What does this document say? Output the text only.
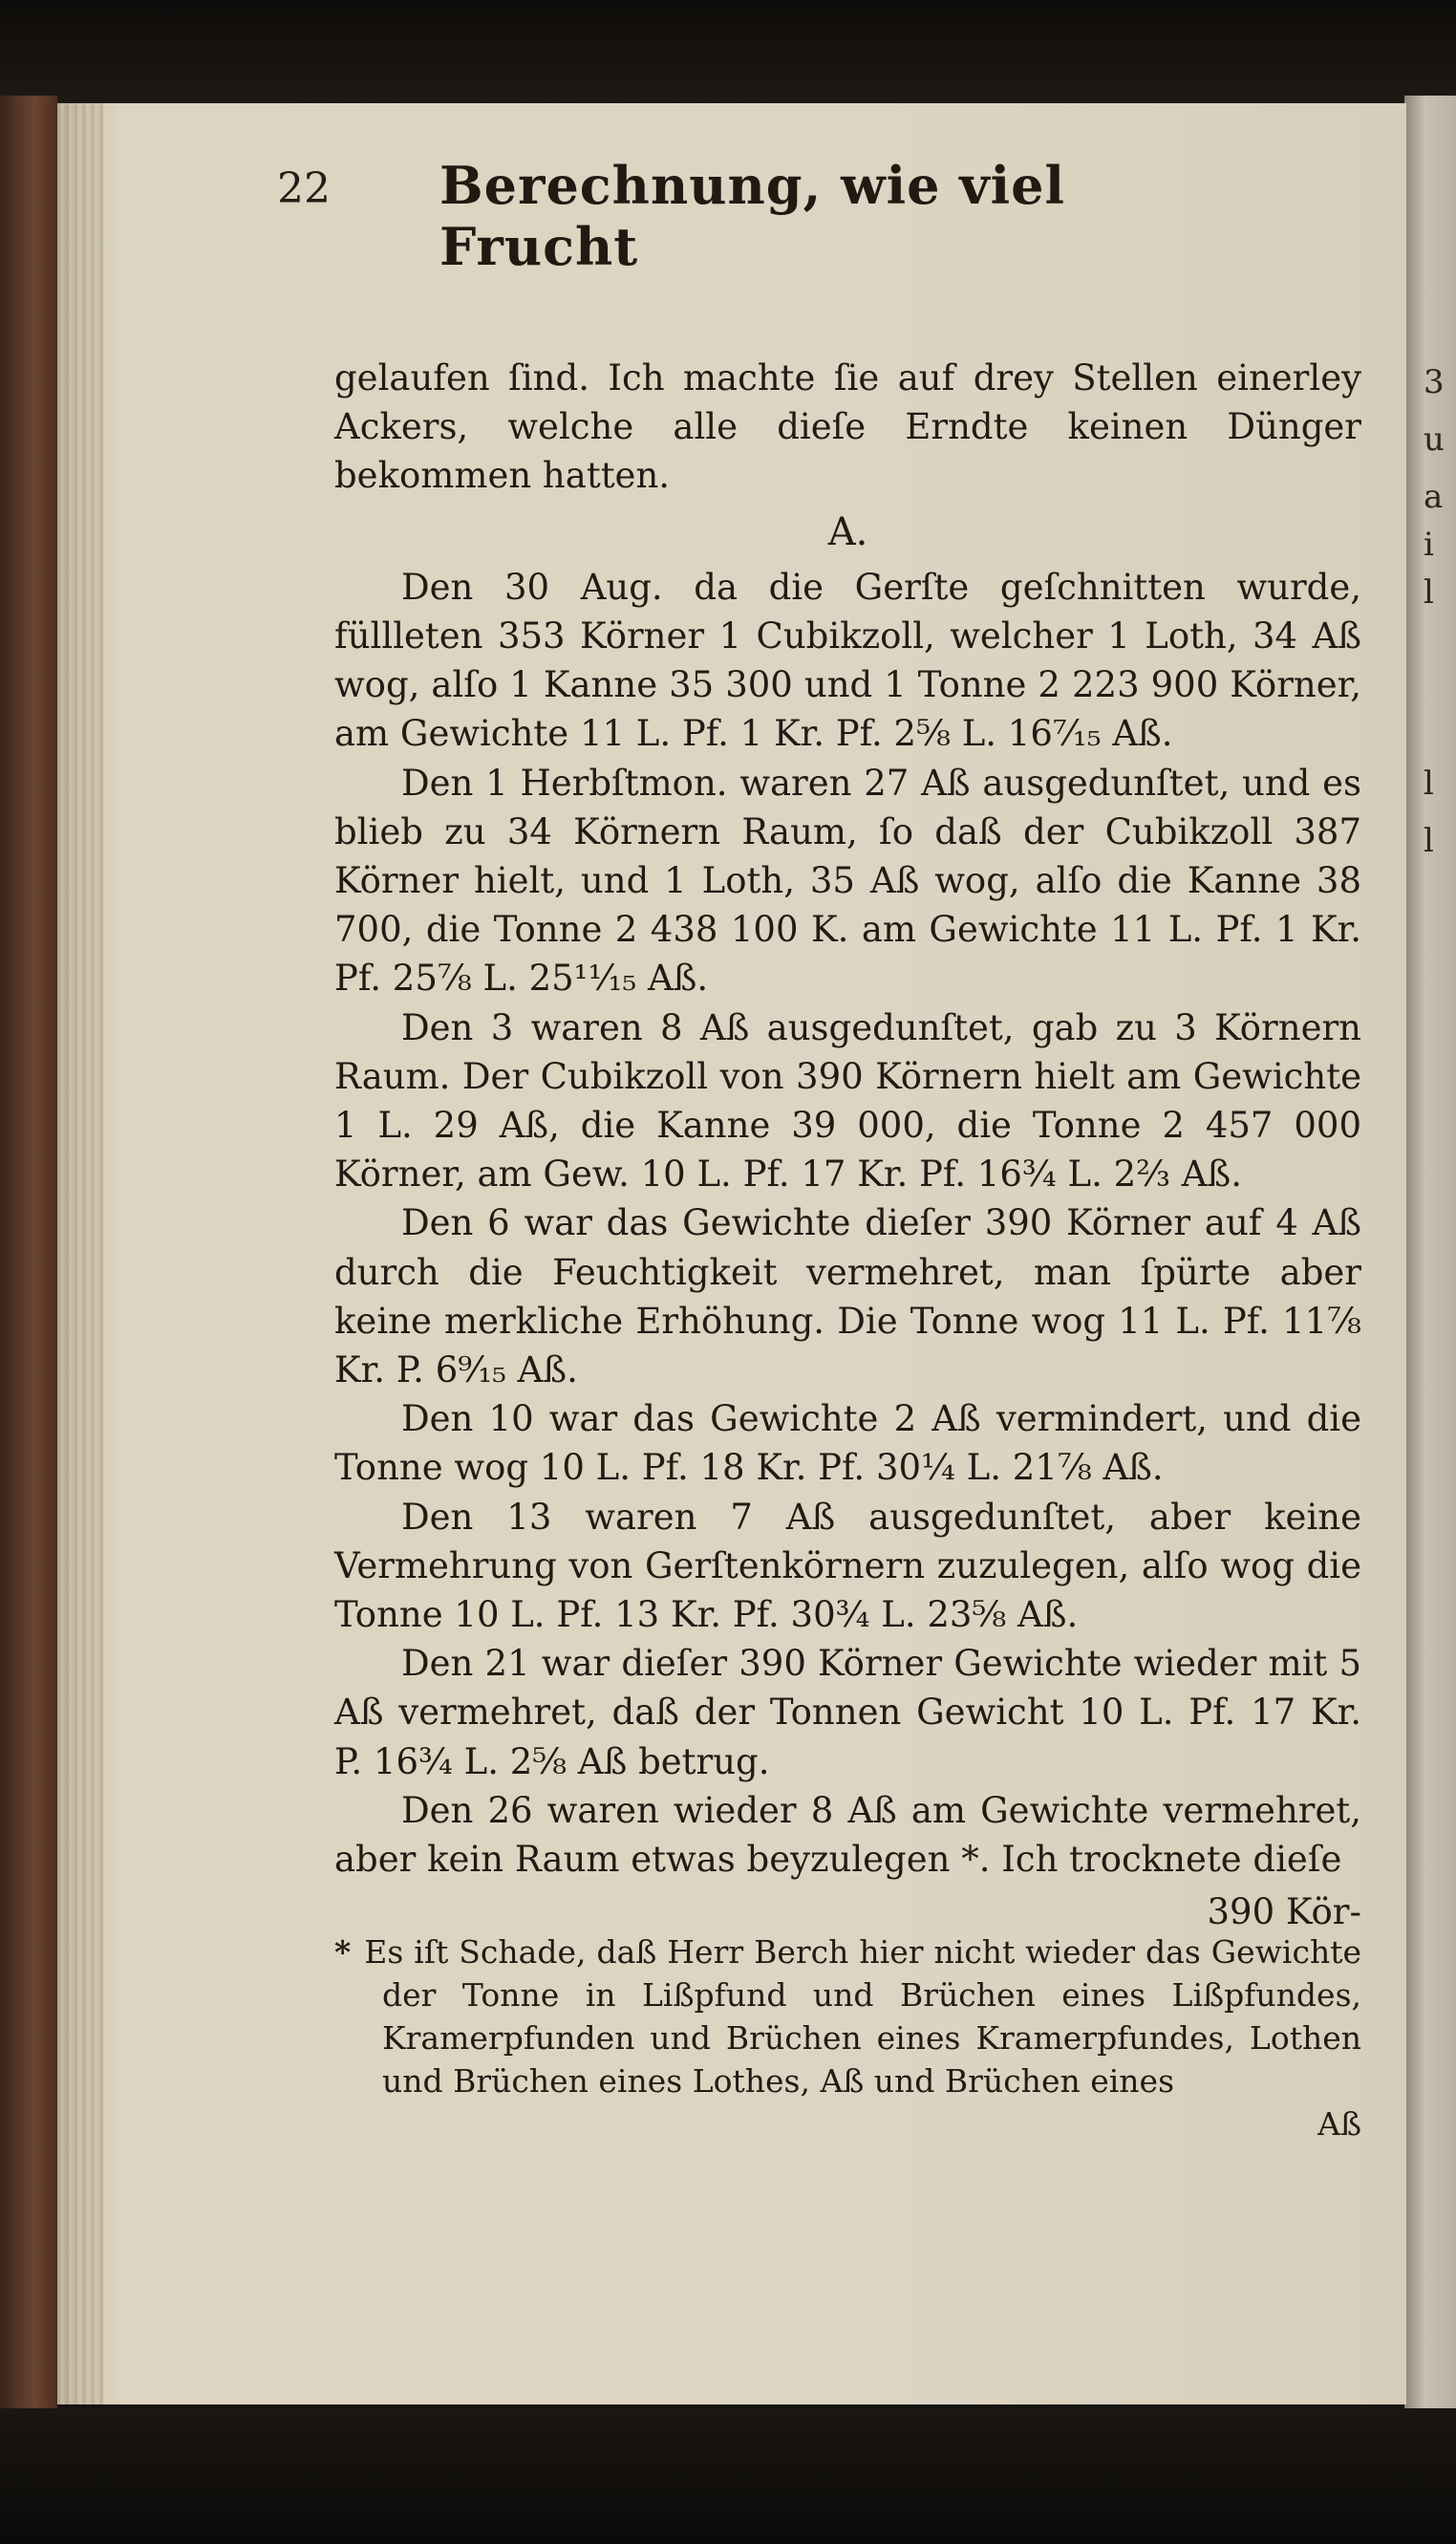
3
u
a
i
l
l
l
22 Berechnung, wie viel Frucht

gelaufen ſind. Ich machte ſie auf drey Stellen einerley Ackers, welche alle dieſe Erndte keinen Dünger bekommen hatten.

A.

Den 30 Aug. da die Gerſte geſchnitten wurde, füllleten 353 Körner 1 Cubikzoll, welcher 1 Loth, 34 Aß wog, alſo 1 Kanne 35 300 und 1 Tonne 2 223 900 Körner, am Gewichte 11 L. Pf. 1 Kr. Pf. 2⅝ L. 16⁷⁄₁₅ Aß.

Den 1 Herbſtmon. waren 27 Aß ausgedunſtet, und es blieb zu 34 Körnern Raum, ſo daß der Cubikzoll 387 Körner hielt, und 1 Loth, 35 Aß wog, alſo die Kanne 38 700, die Tonne 2 438 100 K. am Gewichte 11 L. Pf. 1 Kr. Pf. 25⅞ L. 25¹¹⁄₁₅ Aß.

Den 3 waren 8 Aß ausgedunſtet, gab zu 3 Körnern Raum. Der Cubikzoll von 390 Körnern hielt am Gewichte 1 L. 29 Aß, die Kanne 39 000, die Tonne 2 457 000 Körner, am Gew. 10 L. Pf. 17 Kr. Pf. 16¾ L. 2⅔ Aß.

Den 6 war das Gewichte dieſer 390 Körner auf 4 Aß durch die Feuchtigkeit vermehret, man ſpürte aber keine merkliche Erhöhung. Die Tonne wog 11 L. Pf. 11⅞ Kr. P. 6⁹⁄₁₅ Aß.

Den 10 war das Gewichte 2 Aß vermindert, und die Tonne wog 10 L. Pf. 18 Kr. Pf. 30¼ L. 21⅞ Aß.

Den 13 waren 7 Aß ausgedunſtet, aber keine Vermehrung von Gerſtenkörnern zuzulegen, alſo wog die Tonne 10 L. Pf. 13 Kr. Pf. 30¾ L. 23⅝ Aß.

Den 21 war dieſer 390 Körner Gewichte wieder mit 5 Aß vermehret, daß der Tonnen Gewicht 10 L. Pf. 17 Kr. P. 16¾ L. 2⅝ Aß betrug.

Den 26 waren wieder 8 Aß am Gewichte vermehret, aber kein Raum etwas beyzulegen *. Ich trocknete dieſe

390 Kör-

* Es iſt Schade, daß Herr Berch hier nicht wieder das Gewichte der Tonne in Lißpfund und Brüchen eines Lißpfundes, Kramerpfunden und Brüchen eines Kramerpfundes, Lothen und Brüchen eines Lothes, Aß und Brüchen eines

Aß
